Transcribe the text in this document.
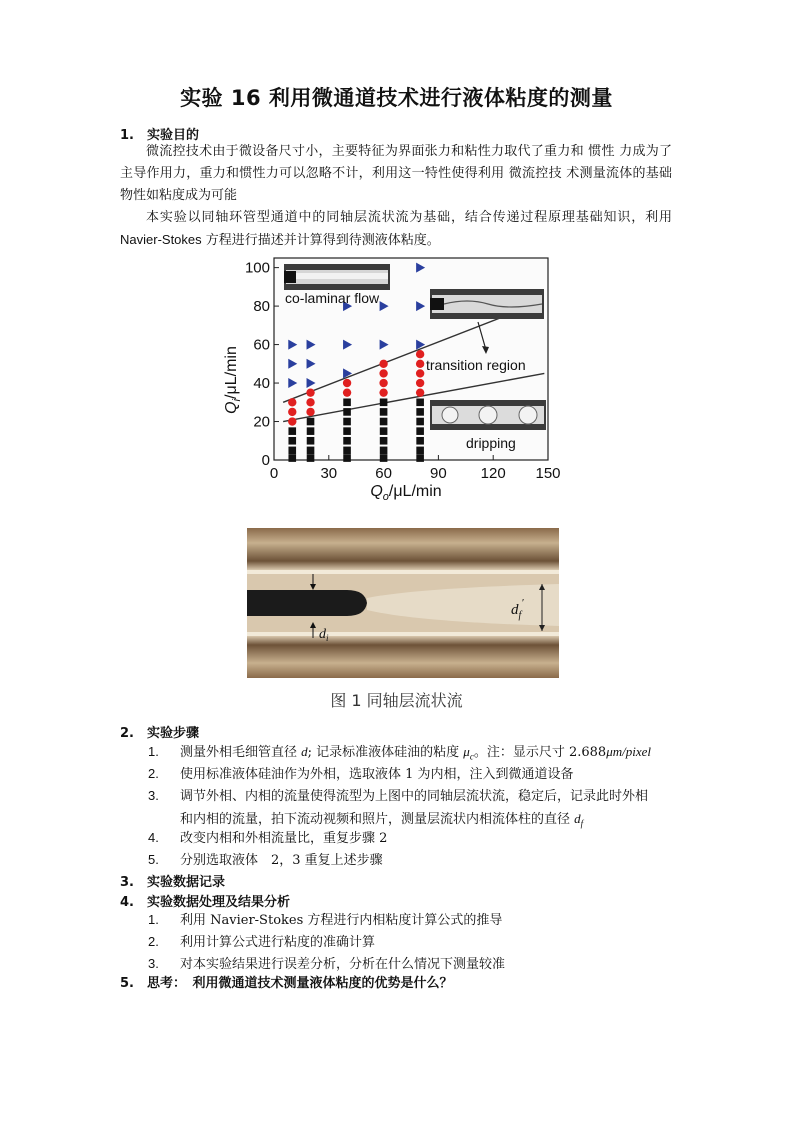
实验 16 利用微通道技术进行液体粘度的测量
1. 实验目的
微流控技术由于微设备尺寸小，主要特征为界面张力和粘性力取代了重力和 惯性 力成为了主导作用力，重力和惯性力可以忽略不计，利用这一特性使得利用 微流控技 术测量流体的基础物性如粘度成为可能
本实验以同轴环管型通道中的同轴层流状流为基础，结合传递过程原理基础知识，利用Navier-Stokes 方程进行描述并计算得到待测液体粘度。
co-laminar flow
transition region
dripping
0	30	60	90 120 150
0
20
40
60
80
100
$Q_o/\mu L/\min$
$Q_i/\mu L/\min$
$d_f'$
$d_i$
图 1 同轴层流状流
2. 实验步骤
1. 测量外相毛细管直径 d; 记录标准液体硅油的粘度 $\mu_c$。注：显示尺寸 2.688μm/pixel
2. 使用标准液体硅油作为外相，选取液体 1 为内相，注入到微通道设备
3. 调节外相、内相的流量使得流型为上图中的同轴层流状流，稳定后，记录此时外相
和内相的流量，拍下流动视频和照片，测量层流状内相流体柱的直径 $d_f$
4. 改变内相和外相流量比，重复步骤 2
5. 分别选取液体　2，3 重复上述步骤
3. 实验数据记录
4. 实验数据处理及结果分析
1. 利用 Navier-Stokes 方程进行内相粘度计算公式的推导
2. 利用计算公式进行粘度的准确计算
3. 对本实验结果进行误差分析，分析在什么情况下测量较准
5. 思考：　利用微通道技术测量液体粘度的优势是什么？
